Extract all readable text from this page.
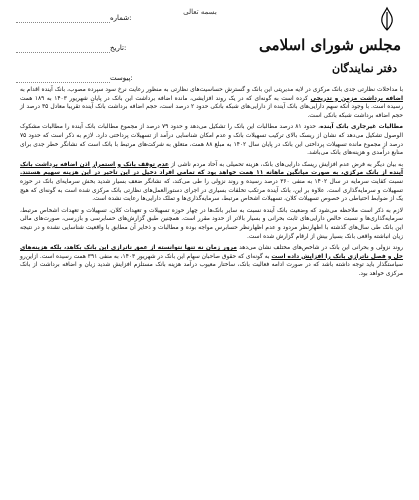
شماره:
تاریخ:
پیوست:
بسمه تعالی
مجلس شورای اسلامی
دفتر نمایندگان

با مداخلات نظارتی جدی بانک مرکزی در لایه مدیریتی این بانک و گسترش حساسیت‌های نظارتی به منظور رعایت نرخ سود سپرده مصوب، بانک آینده اقدام به اضافه برداشت مزمن و تدریجی کرده است به گونه‌ای که در یک روند افزایشی، مانده اضافه برداشت این بانک در پایان شهریور ۱۴۰۳ به ۱۸۹ همت رسیده است. با وجود آنکه سهم دارایی‌های بانک آینده از دارایی‌های شبکه بانکی حدود ۲ درصد است، حجم اضافه برداشت بانک آینده تقریبا معادل ۳۵ درصد از حجم اضافه برداشت شبکه بانکی است.

مطالبات غیرجاری بانک آینده، حدود ۸۱ درصد مطالبات این بانک را تشکیل می‌دهد و حدود ۷۹ درصد از مجموع مطالبات بانک آینده را مطالبات مشکوک الوصول تشکیل می‌دهد که نشان از ریسک بالای ترکیب تسهیلات بانک و عدم امکان شناسایی درآمد از تسهیلات پرداختی دارد. لازم به ذکر است که حدود ۷۵ درصد از مجموع مانده تسهیلات پرداختی این بانک در پایان سال ۱۴۰۲ به مبلغ ۸۸ همت، متعلق به شرکت‌های مرتبط با بانک است که نشانگر خطر جدی برای منابع درآمدی و هزینه‌های بانک می‌باشد.

به بیان دیگر به فرض عدم افزایش ریسک دارایی‌های بانک، هزینه تحمیلی به آحاد مردم ناشی از عدم توقف بانک و استمرار اذن اضافه برداشت بانک آینده از بانک مرکزی، به صورت میانگین ماهانه ۱۱ همت خواهد بود که تمامی افراد دخیل در این تاخیر در این هزینه سهیم هستند. نسبت کفایت سرمایه در سال ۱۴۰۲ به منفی ۳۶۰ درصد رسیده و روند نزولی را طی می‌کند، که نشانگر ضعف بسیار شدید بخش سرمایه‌ای بانک در حوزه تسهیلات و سرمایه‌گذاری است. علاوه بر این، بانک آینده مرتکب تخلفات بسیاری در اجرای دستورالعمل‌های نظارتی بانک مرکزی شده است به گونه‌ای که هیچ یک از ضوابط احتیاطی در خصوص تسهیلات کلان، تسهیلات اشخاص مرتبط، سرمایه‌گذاری‌ها و تملک دارایی‌ها رعایت نشده است.

لازم به ذکر است ملاحظه می‌شود که وضعیت بانک آینده نسبت به سایر بانک‌ها در چهار حوزه تسهیلات و تعهدات کلان، تسهیلات و تعهدات اشخاص مرتبط، سرمایه‌گذاری‌ها و نسبت خالص دارایی‌های ثابت بحرانی و بسیار بالاتر از حدود مقرر است. همچنین طبق گزارش‌های حسابرسی و بازرسی، صورت‌های مالی این بانک طی سال‌های گذشته با اظهارنظر مردود و عدم اظهارنظر حسابرس مواجه بوده و مطالبات و ذخایر آن مطابق با واقعیت شناسایی نشده و در نتیجه زیان انباشته واقعی بانک بسیار بیش از ارقام گزارش شده است.

روند نزولی و بحرانی این بانک در شاخص‌های مختلف نشان می‌دهد مرور زمان نه تنها نتوانسته از عمق ناترازی این بانک بکاهد، بلکه هزینه‌های حل و فصل ناترازی بانک را افزایش داده است به گونه‌ای که حقوق صاحبان سهام این بانک در شهریور ۱۴۰۳، به منفی ۳۹۱ همت رسیده است. ازاین‌رو سیاستگذار باید توجه داشته باشد که در صورت ادامه فعالیت بانک، ساختار معیوب درآمد هزینه بانک مستلزم افزایش شدید زیان و اضافه برداشت از بانک مرکزی خواهد بود.
